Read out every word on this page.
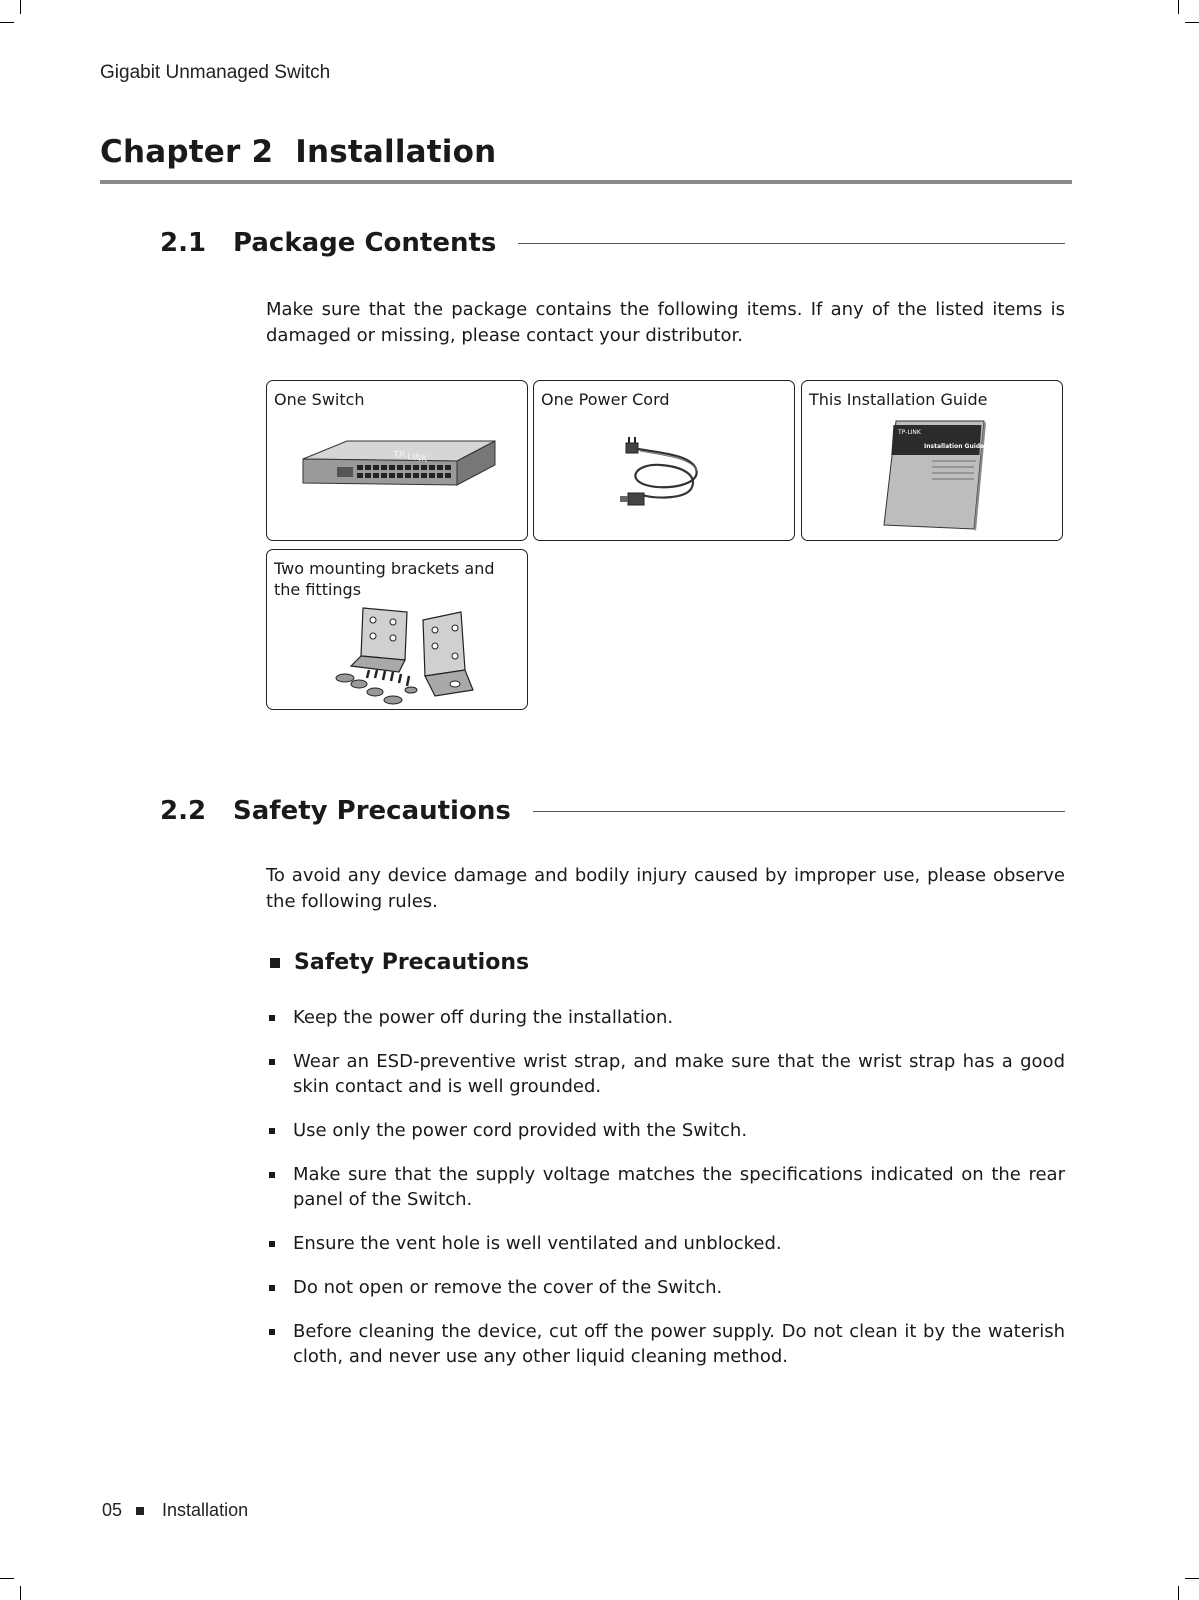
Gigabit Unmanaged Switch
Chapter 2  Installation
2.1	Package Contents

Make sure that the package contains the following items. If any of the listed items is damaged or missing, please contact your distributor.

One Switch
TP-LINK
One Power Cord	This Installation Guide
TP-LINK
Installation Guide
Two mounting brackets and the fittings
2.2	Safety Precautions

To avoid any device damage and bodily injury caused by improper use, please observe the following rules.

Safety Precautions
Keep the power off during the installation.
Wear an ESD-preventive wrist strap, and make sure that the wrist strap has a good skin contact and is well grounded.
Use only the power cord provided with the Switch.
Make sure that the supply voltage matches the specifications indicated on the rear panel of the Switch.
Ensure the vent hole is well ventilated and unblocked.
Do not open or remove the cover of the Switch.
Before cleaning the device, cut off the power supply. Do not clean it by the waterish cloth, and never use any other liquid cleaning method.
05 Installation
